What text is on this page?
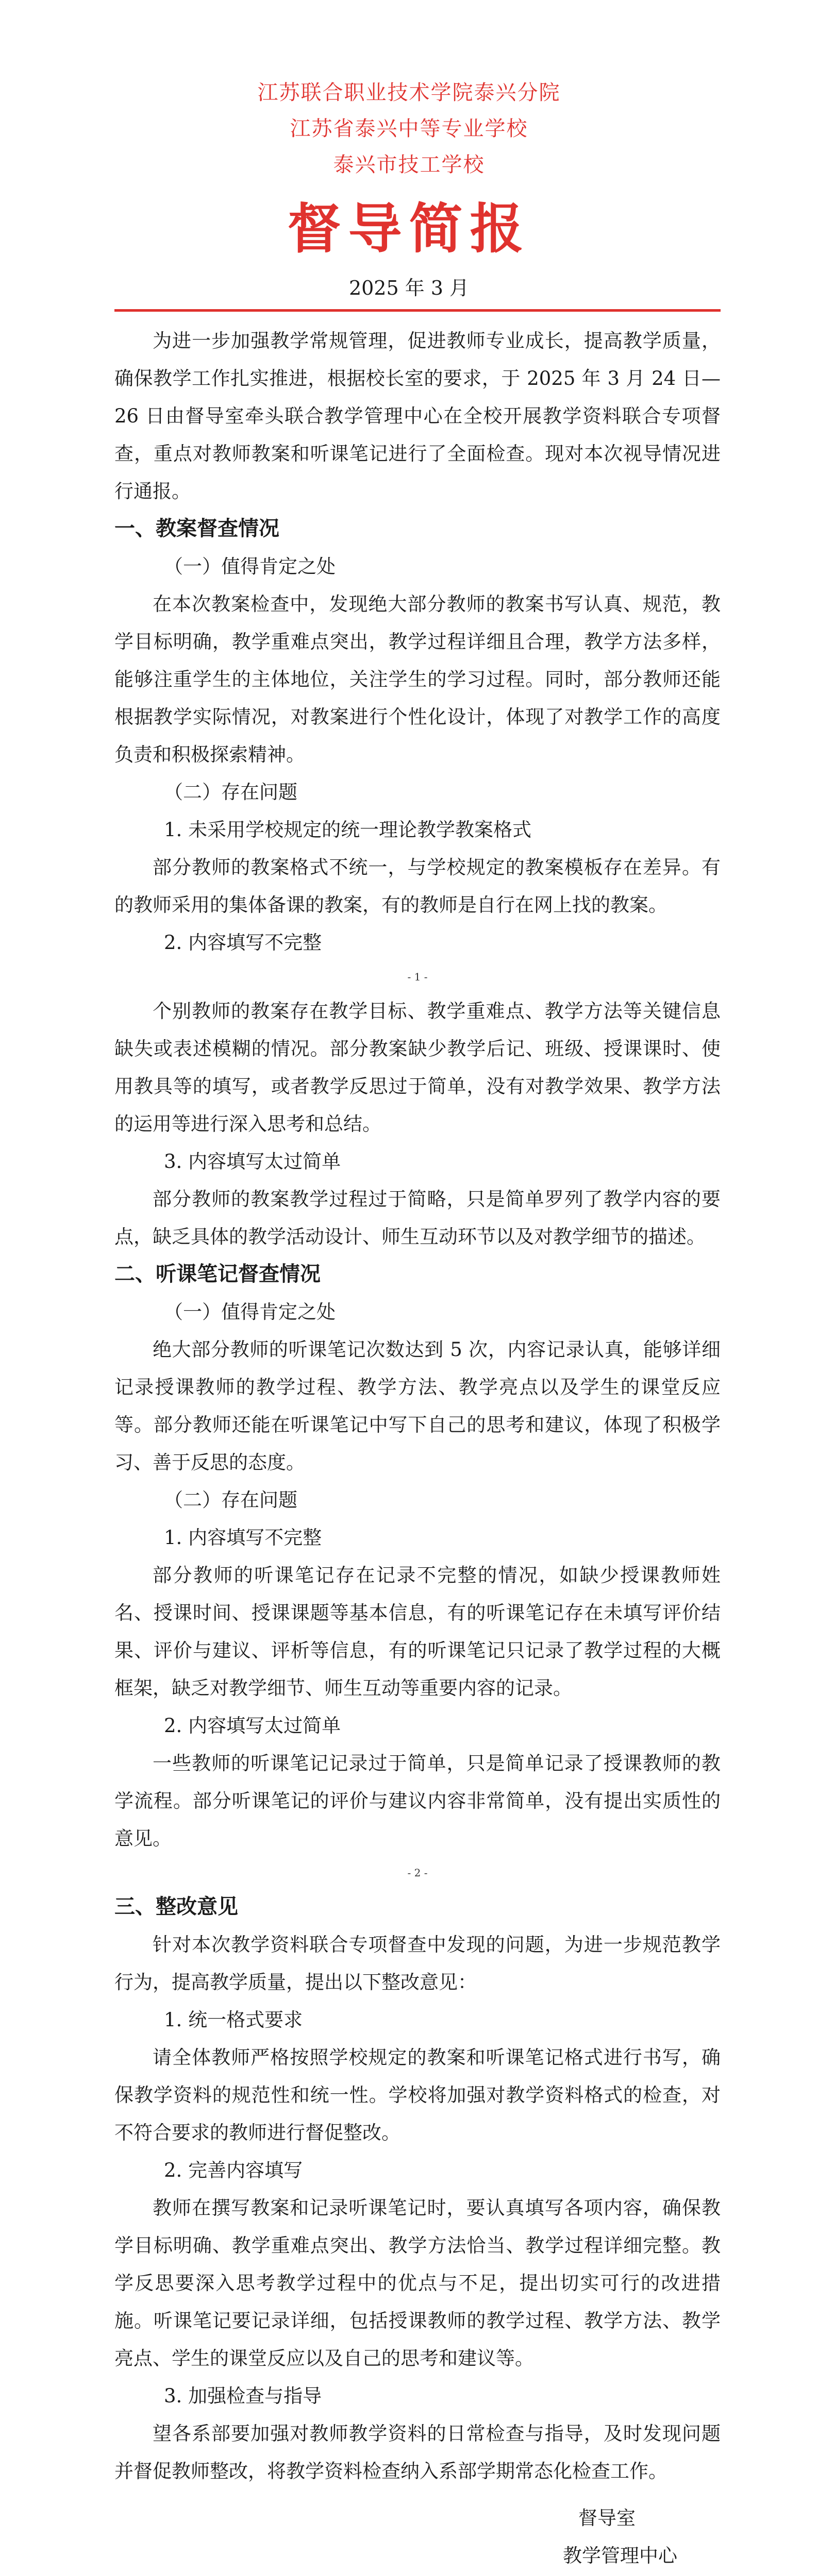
江苏联合职业技术学院泰兴分院
江苏省泰兴中等专业学校
泰兴市技工学校
督导简报
2025 年 3 月

为进一步加强教学常规管理，促进教师专业成长，提高教学质量，确保教学工作扎实推进，根据校长室的要求，于 2025 年 3 月 24 日—26 日由督导室牵头联合教学管理中心在全校开展教学资料联合专项督查，重点对教师教案和听课笔记进行了全面检查。现对本次视导情况进行通报。

一、教案督查情况

（一）值得肯定之处

在本次教案检查中，发现绝大部分教师的教案书写认真、规范，教学目标明确，教学重难点突出，教学过程详细且合理，教学方法多样，能够注重学生的主体地位，关注学生的学习过程。同时，部分教师还能根据教学实际情况，对教案进行个性化设计，体现了对教学工作的高度负责和积极探索精神。

（二）存在问题

1. 未采用学校规定的统一理论教学教案格式

部分教师的教案格式不统一，与学校规定的教案模板存在差异。有的教师采用的集体备课的教案，有的教师是自行在网上找的教案。

2. 内容填写不完整

- 1 -

个别教师的教案存在教学目标、教学重难点、教学方法等关键信息缺失或表述模糊的情况。部分教案缺少教学后记、班级、授课课时、使用教具等的填写，或者教学反思过于简单，没有对教学效果、教学方法的运用等进行深入思考和总结。

3. 内容填写太过简单

部分教师的教案教学过程过于简略，只是简单罗列了教学内容的要点，缺乏具体的教学活动设计、师生互动环节以及对教学细节的描述。

二、听课笔记督查情况

（一）值得肯定之处

绝大部分教师的听课笔记次数达到 5 次，内容记录认真，能够详细记录授课教师的教学过程、教学方法、教学亮点以及学生的课堂反应等。部分教师还能在听课笔记中写下自己的思考和建议，体现了积极学习、善于反思的态度。

（二）存在问题

1. 内容填写不完整

部分教师的听课笔记存在记录不完整的情况，如缺少授课教师姓名、授课时间、授课课题等基本信息，有的听课笔记存在未填写评价结果、评价与建议、评析等信息，有的听课笔记只记录了教学过程的大概框架，缺乏对教学细节、师生互动等重要内容的记录。

2. 内容填写太过简单

一些教师的听课笔记记录过于简单，只是简单记录了授课教师的教学流程。部分听课笔记的评价与建议内容非常简单，没有提出实质性的意见。

- 2 -

三、整改意见

针对本次教学资料联合专项督查中发现的问题，为进一步规范教学行为，提高教学质量，提出以下整改意见：

1. 统一格式要求

请全体教师严格按照学校规定的教案和听课笔记格式进行书写，确保教学资料的规范性和统一性。学校将加强对教学资料格式的检查，对不符合要求的教师进行督促整改。

2. 完善内容填写

教师在撰写教案和记录听课笔记时，要认真填写各项内容，确保教学目标明确、教学重难点突出、教学方法恰当、教学过程详细完整。教学反思要深入思考教学过程中的优点与不足，提出切实可行的改进措施。听课笔记要记录详细，包括授课教师的教学过程、教学方法、教学亮点、学生的课堂反应以及自己的思考和建议等。

3. 加强检查与指导

望各系部要加强对教师教学资料的日常检查与指导，及时发现问题并督促教师整改，将教学资料检查纳入系部学期常态化检查工作。

督导室

教学管理中心
